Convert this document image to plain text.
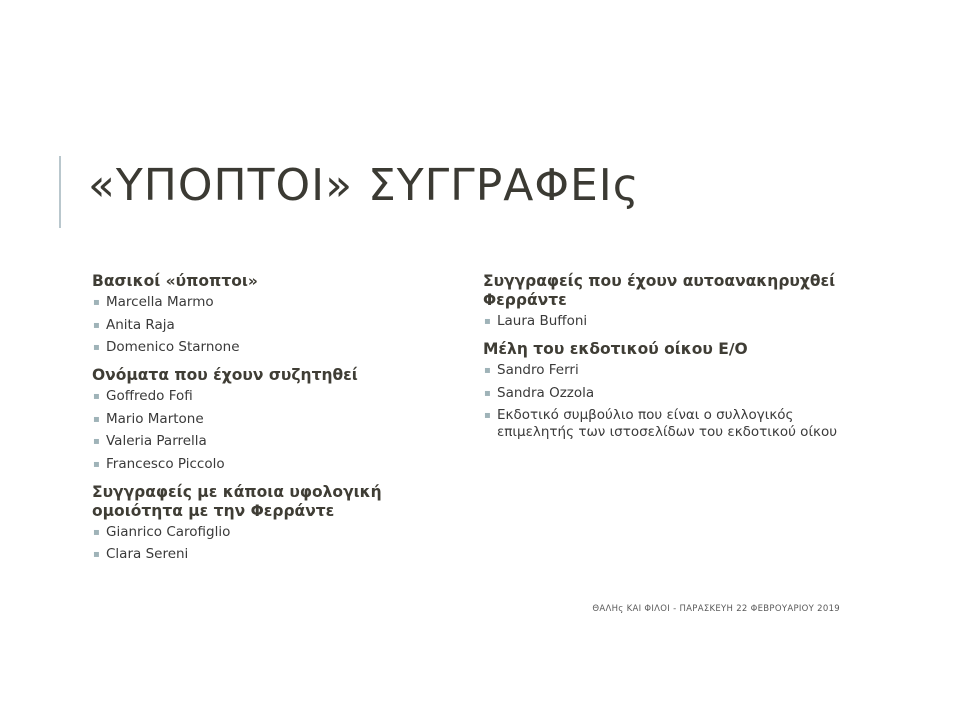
«ΥΠΟΠΤΟΙ» ΣΥΓΓΡΑΦΕΙς
Βασικοί «ύποπτοι»
▪ Marcella Marmo
▪ Anita Raja
▪ Domenico Starnone
Ονόματα που έχουν συζητηθεί
▪ Goffredo Fofi
▪ Mario Martone
▪ Valeria Parrella
▪ Francesco Piccolo
Συγγραφείς με κάποια υφολογική ομοιότητα με την Φερράντε
▪ Gianrico Carofiglio
▪ Clara Sereni
Συγγραφείς που έχουν αυτοανακηρυχθεί Φερράντε
▪ Laura Buffoni
Μέλη του εκδοτικού οίκου Ε/Ο
▪ Sandro Ferri
▪ Sandra Ozzola
▪ Εκδοτικό συμβούλιο που είναι ο συλλογικός επιμελητής των ιστοσελίδων του εκδοτικού οίκου
ΘΑΛΗς ΚΑΙ ΦΙΛΟΙ - ΠΑΡΑΣΚΕΥΗ 22 ΦΕΒΡΟΥΑΡΙΟΥ 2019
